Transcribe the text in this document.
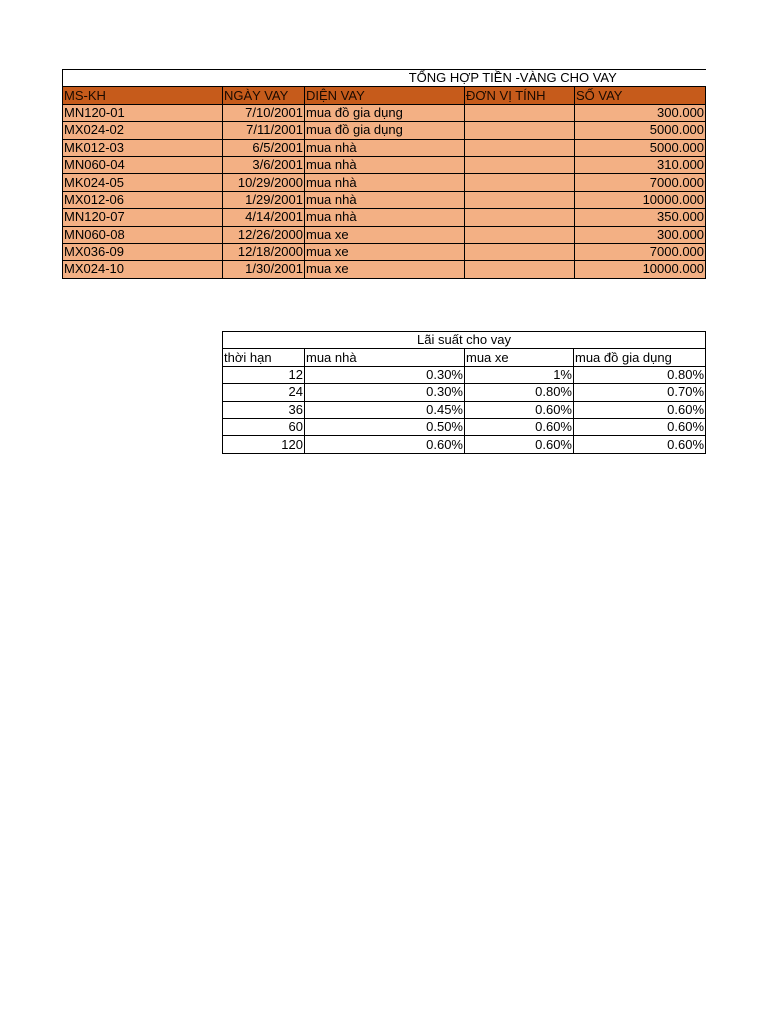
TỔNG HỢP TIỀN -VÀNG CHO VAY				
MS-KH	NGÀY VAY	DIỆN VAY	ĐƠN VỊ TÍNH	SỐ VAY
MN120-01	7/10/2001	mua đồ gia dụng		300.000
MX024-02	7/11/2001	mua đồ gia dụng		5000.000
MK012-03	6/5/2001	mua nhà		5000.000
MN060-04	3/6/2001	mua nhà		310.000
MK024-05	10/29/2000	mua nhà		7000.000
MX012-06	1/29/2001	mua nhà		10000.000
MN120-07	4/14/2001	mua nhà		350.000
MN060-08	12/26/2000	mua xe		300.000
MX036-09	12/18/2000	mua xe		7000.000
MX024-10	1/30/2001	mua xe		10000.000
Lãi suất cho vay			
thời hạn	mua nhà	mua xe	mua đồ gia dụng
12	0.30%	1%	0.80%
24	0.30%	0.80%	0.70%
36	0.45%	0.60%	0.60%
60	0.50%	0.60%	0.60%
120	0.60%	0.60%	0.60%
